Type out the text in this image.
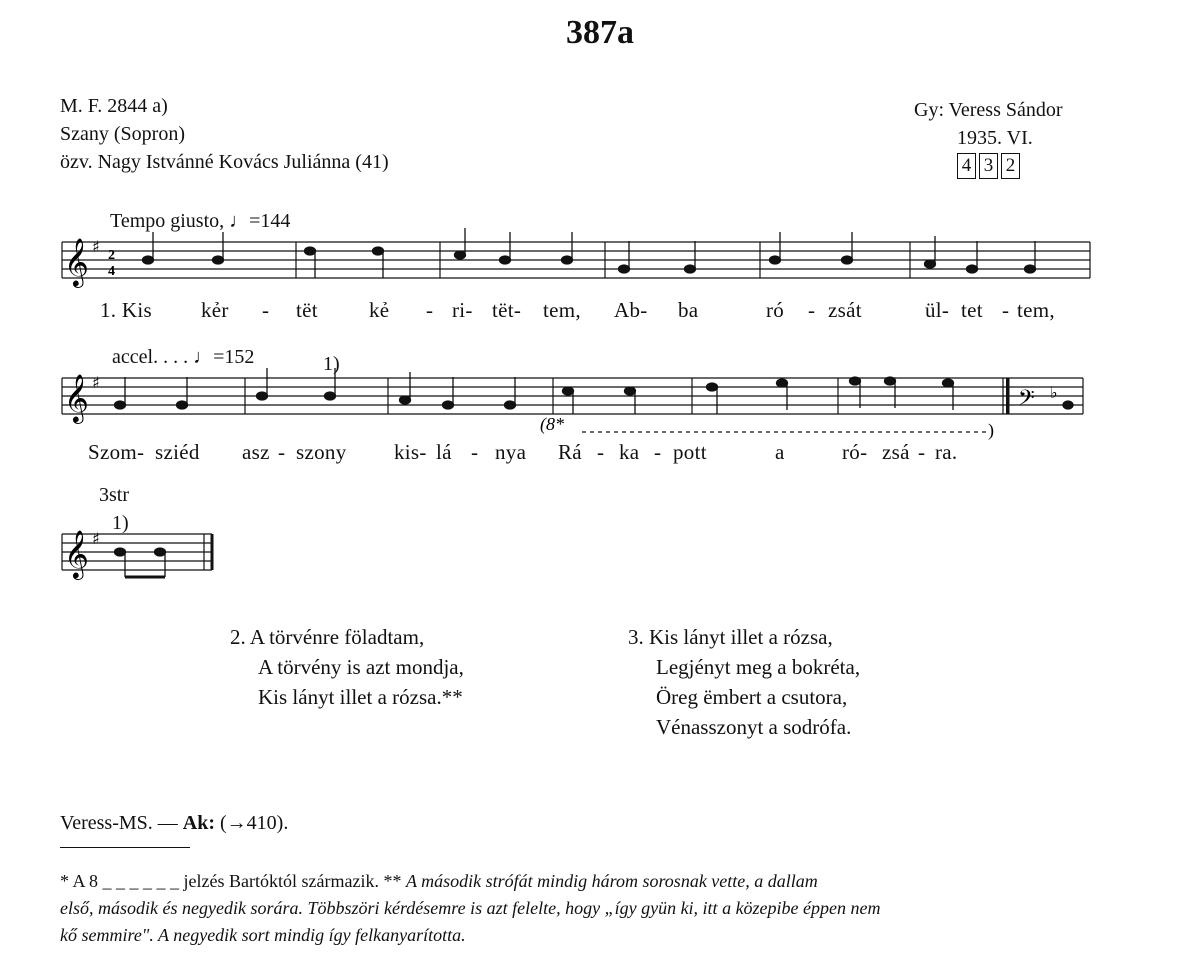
387a
M. F. 2844 a)
Szany (Sopron)
özv. Nagy Istvánné Kovács Juliánna (41)
Gy: Veress Sándor
1935. VI.
4 3 2
Tempo giusto, ♩=144
accel. . . . ♩=152	1)
𝄞 ♯ 2
4
𝄞 ♯
𝄢 ♭
(8*	)
𝄞 ♯
3str
1)
1. Kis kẻr - tët kẻ - ri- tët- tem, Ab- ba	ró - zsát	ül- tet - tem,
Szom- sziéd asz - szony kis- lá - nya Rá - ka - pott	a	ró- zsá - ra.
2. A törvénre föladtam,
A törvény is azt mondja,
Kis lányt illet a rózsa.**
3. Kis lányt illet a rózsa,
Legjényt meg a bokréta,
Öreg ëmbert a csutora,
Vénasszonyt a sodrófa.
Veress-MS. — Ak: (→410).
* A 8 _ _ _ _ _ _ jelzés Bartóktól származik. ** A második strófát mindig három sorosnak vette, a dallam
első, második és negyedik sorára. Többszöri kérdésemre is azt felelte, hogy „így gyün ki, itt a közepibe éppen nem
kő semmire". A negyedik sort mindig így felkanyarította.
